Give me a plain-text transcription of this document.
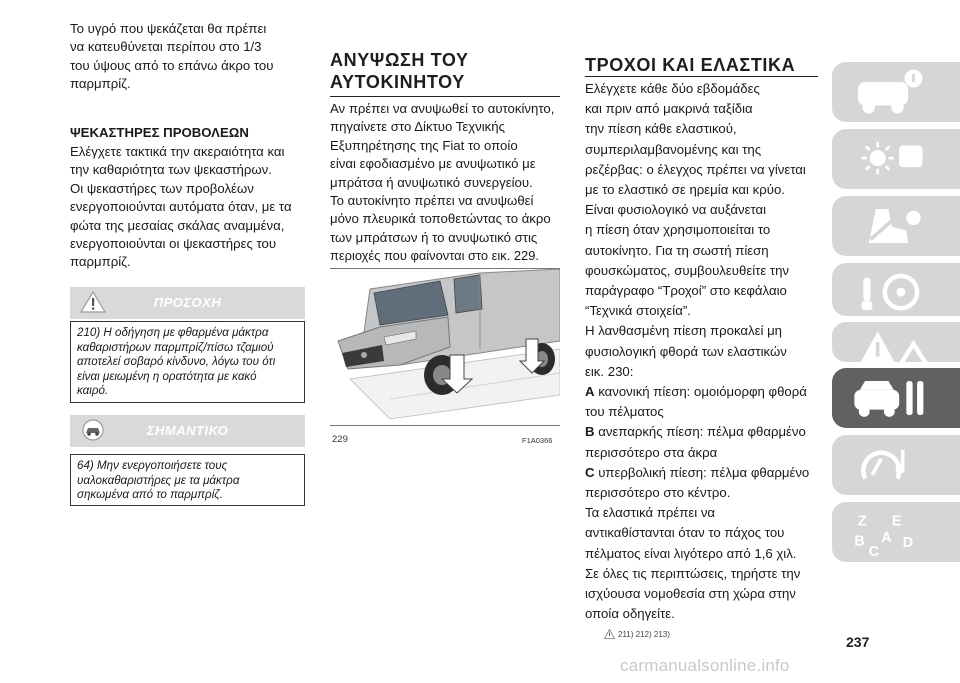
Το υγρό που ψεκάζεται θα πρέπει
να κατευθύνεται περίπου στο 1/3
του ύψους από το επάνω άκρο του
παρμπρίζ.
ΨΕΚΑΣΤΗΡΕΣ ΠΡΟΒΟΛΕΩΝ
Ελέγχετε τακτικά την ακεραιότητα και
την καθαριότητα των ψεκαστήρων.
Οι ψεκαστήρες των προβολέων
ενεργοποιούνται αυτόματα όταν, με τα
φώτα της μεσαίας σκάλας αναμμένα,
ενεργοποιούνται οι ψεκαστήρες του
παρμπρίζ.
ΠΡΟΣΟΧΗ
210) Η οδήγηση με φθαρμένα μάκτρα
καθαριστήρων παρμπρίζ/πίσω τζαμιού
αποτελεί σοβαρό κίνδυνο, λόγω του ότι
είναι μειωμένη η ορατότητα με κακό
καιρό.
ΣΗΜΑΝΤΙΚΟ
64) Μην ενεργοποιήσετε τους
υαλοκαθαριστήρες με τα μάκτρα
σηκωμένα από το παρμπρίζ.
ΑΝΥΨΩΣΗ ΤΟΥ
ΑΥΤΟΚΙΝΗΤΟΥ
Αν πρέπει να ανυψωθεί το αυτοκίνητο,
πηγαίνετε στο Δίκτυο Τεχνικής
Εξυπηρέτησης της Fiat το οποίο
είναι εφοδιασμένο με ανυψωτικό με
μπράτσα ή ανυψωτικό συνεργείου.
Το αυτοκίνητο πρέπει να ανυψωθεί
μόνο πλευρικά τοποθετώντας το άκρο
των μπράτσων ή το ανυψωτικό στις
περιοχές που φαίνονται στο εικ. 229.
229	F1A0366
ΤΡΟΧΟΙ ΚΑΙ ΕΛΑΣΤΙΚΑ
Ελέγχετε κάθε δύο εβδομάδες
και πριν από μακρινά ταξίδια
την πίεση κάθε ελαστικού,
συμπεριλαμβανομένης και της
ρεζέρβας: ο έλεγχος πρέπει να γίνεται
με το ελαστικό σε ηρεμία και κρύο.
Είναι φυσιολογικό να αυξάνεται
η πίεση όταν χρησιμοποιείται το
αυτοκίνητο. Για τη σωστή πίεση
φουσκώματος, συμβουλευθείτε την
παράγραφο “Τροχοί” στο κεφάλαιο
“Τεχνικά στοιχεία”.
Η λανθασμένη πίεση προκαλεί μη
φυσιολογική φθορά των ελαστικών
εικ. 230:
A κανονική πίεση: ομοιόμορφη φθορά
του πέλματος
B ανεπαρκής πίεση: πέλμα φθαρμένο
περισσότερο στα άκρα
C υπερβολική πίεση: πέλμα φθαρμένο
περισσότερο στο κέντρο.
Τα ελαστικά πρέπει να
αντικαθίστανται όταν το πάχος του
πέλματος είναι λιγότερο από 1,6 χιλ.
Σε όλες τις περιπτώσεις, τηρήστε την
ισχύουσα νομοθεσία στη χώρα στην
οποία οδηγείτε.
211) 212) 213)
Z E
B A
C
D
237
carmanualsonline.info
